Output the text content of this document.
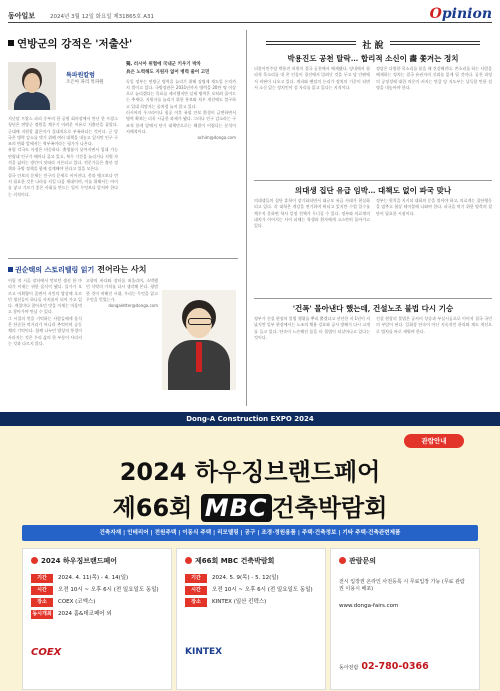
동아일보	2024년 3월 12일 화요일 제31865호 A31	Opinion
연방군의 강적은 '저출산'
특파원칼럼
조은아 파리 특파원

지난달 프랑스 파리 중부의 한 공원 회의장에서 만난 한 프랑스 청년은 연방군 정원을 채우기 어려운 이유로 저출산을 꼽았다. 군대에 지원할 젊은이가 절대적으로 부족하다는 것이다. 군 당국은 병력 감소를 막기 위해 여러 대책을 내놓고 있지만 인구 구조의 변화 앞에서는 역부족이라는 평가가 나온다.

유럽 각국도 사정은 비슷하다. 출생률이 낮아지면서 입대 가능 연령대 인구가 해마다 줄고 있고, 복무 기간을 늘리거나 지원 자격을 넓히는 방안이 잇따라 거론되고 있다. 전문가들은 출산 정책과 국방 정책을 함께 설계해야 한다고 입을 모은다.

결국 안보의 문제는 인구의 문제로 이어진다. 총과 탱크보다 먼저 필요한 것은 나라를 지킬 다음 세대이며, 이를 위해서는 아이를 낳고 기르기 좋은 사회를 만드는 일이 무엇보다 앞서야 한다는 지적이다.

獨, 러시아 위협에 국내군 키우기 박차
兵은 노력해도 지원자 없어 병력 줄어 고민

독일 정부는 연방군 병력을 늘리기 위해 징병제 재도입 논의까지 벌이고 있다. 국방장관은 2031년까지 병력을 20만 명 이상으로 늘리겠다는 목표를 제시했지만 실제 병력은 오히려 줄어드는 추세다. 지원자를 늘리기 위한 홍보와 처우 개선에도 불구하고 입대 희망자는 좀처럼 늘지 않고 있다.

러시아의 우크라이나 침공 이후 유럽 안보 환경이 급변하면서 병력 확보는 더욱 시급한 과제가 됐다. 그러나 인구 감소라는 구조적 한계 앞에서 단기 대책만으로는 해결이 어렵다는 분석이 지배적이다.

achim@donga.com

권순택의 스토리텔링 읽기 전어라는 사치

어릴 적 시골 장터에서 맛보던 생선 한 마리가 이제는 귀한 음식이 됐다. 물가가 오르고 어획량이 줄면서 서민의 밥상에 오르던 생선들이 하나둘 사치품이 되어 가고 있다. 계절마다 찾아오던 맛을 이제는 마음먹고 찾아가야 만날 수 있다.

그 시절의 맛을 기억하는 사람들에게 음식은 단순한 먹거리가 아니라 추억이며 공동체의 기억이다. 함께 나누던 밥상의 풍경이 사라지는 것은 우리 삶의 한 부분이 사라지는 것과 다르지 않다.

고향의 바다와 장터를 떠올리며, 소박했던 식탁의 가치를 다시 생각해 본다. 평범한 것이 귀해진 시대, 우리는 무엇을 잃고 무엇을 얻었는가.

dongaletter@donga.com

社 說
박용진도 공천 탈락… 합리적 소신이 畵 쫓겨는 정치

더불어민주당 박용진 의원이 결국 공천에서 배제됐다. 당내에서 합리적 목소리를 내 온 인물이 경선에서 밀려난 것을 두고 당 안팎에서 비판이 나오고 있다. 계파와 팬덤의 논리가 정치의 기준이 되면서 소신 있는 정치인이 설 자리를 잃고 있다는 지적이다.

정당은 다양한 목소리를 품을 때 건강해진다. 쓴소리를 하는 사람을 배제하는 정치는 결국 유권자의 신뢰를 잃게 될 것이다. 공천 과정의 공정성에 대한 의문이 커지는 만큼 당 지도부는 납득할 만한 설명을 내놓아야 한다.

의대생 집단 유급 임박… 대책도 없이 파국 맞나

의대생들의 집단 휴학이 장기화되면서 대규모 유급 사태가 현실화되고 있다. 각 대학은 개강을 연기하며 버티고 있지만 수업 일수를 채우지 못하면 학사 일정 전체가 무너질 수 있다. 정부와 의료계의 대치가 이어지는 사이 피해는 학생과 환자에게 고스란히 돌아가고 있다.

정부는 원칙을 지키되 대화의 문을 열어야 하고, 의료계는 집단행동을 멈추고 협상 테이블에 나와야 한다. 파국을 막기 위한 양측의 결단이 필요한 시점이다.

'건폭' 몰아낸다 했는데, 건설노조 불법 다시 기승

정부가 건설 현장의 불법 행위를 뿌리 뽑겠다고 선언한 지 1년이 지났지만 일부 현장에서는 노조의 채용 강요와 공사 방해가 다시 고개를 들고 있다. 단속이 느슨해진 틈을 타 불법이 되살아나고 있다는 것이다.

건설 현장의 불법은 공사비 상승과 부실시공으로 이어져 결국 국민의 부담이 된다. 일회성 단속이 아닌 지속적인 관리와 제도 개선으로 법치를 바로 세워야 한다.

Dong-A Construction EXPO 2024
관람안내
2024 하우징브랜드페어
제66회 MBC 건축박람회
건축자재 | 인테리어 | 전원주택 | 이동식 주택 | 리모델링 | 공구 | 조경·정원용품 | 주택·건축정보 | 기타 주택·건축관련제품
2024 하우징브랜드페어
기간 2024. 4. 11(목) - 4. 14(일)
시간 오전 10시 ~ 오후 6시 (전 일요일도 동일)
장소 COEX (코엑스)
동시개최 2024 홈&데코페어 외
COEX
제66회 MBC 건축박람회
기간 2024. 5. 9(목) - 5. 12(일)
시간 오전 10시 ~ 오후 6시 (전 일요일도 동일)
장소 KINTEX (일산 킨텍스)
KINTEX
관람문의
전시 입장권 온라인 사전등록 시 무료입장 가능 (무료 관람권 이용시 배포)
www.donga-fairs.com
동아전람 02-780-0366
